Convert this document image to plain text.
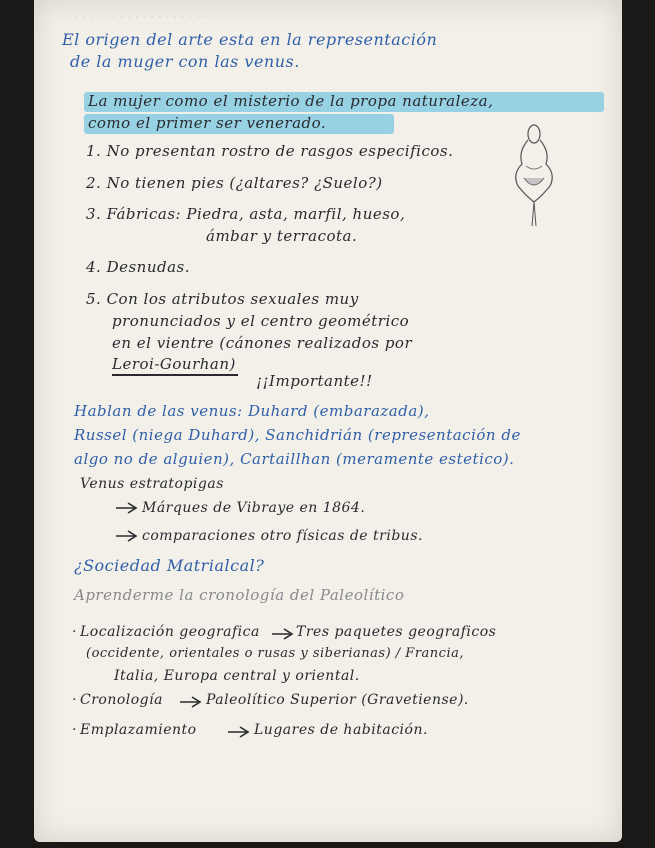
· · · · · · · · · · · · · · · · · · ·
El origen del arte esta en la representación
de la muger con las venus.
La mujer como el misterio de la propa naturaleza,
como el primer ser venerado.
1. No presentan rostro de rasgos especificos.
2. No tienen pies (¿altares? ¿Suelo?)
3. Fábricas: Piedra, asta, marfil, hueso,
ámbar y terracota.
4. Desnudas.
5. Con los atributos sexuales muy
pronunciados y el centro geométrico
en el vientre (cánones realizados por
Leroi-Gourhan)
¡¡Importante!!
Hablan de las venus: Duhard (embarazada),
Russel (niega Duhard), Sanchidrián (representación de
algo no de alguien), Cartaillhan (meramente estetico).
Venus estratopigas
Márques de Vibraye en 1864.
comparaciones otro físicas de tribus.
¿Sociedad Matrialcal?
Aprenderme la cronología del Paleolítico
· Localización geografica	Tres paquetes geograficos
(occidente, orientales o rusas y siberianas) / Francia,
Italia, Europa central y oriental.
· Cronología	Paleolítico Superior (Gravetiense).
· Emplazamiento	Lugares de habitación.
